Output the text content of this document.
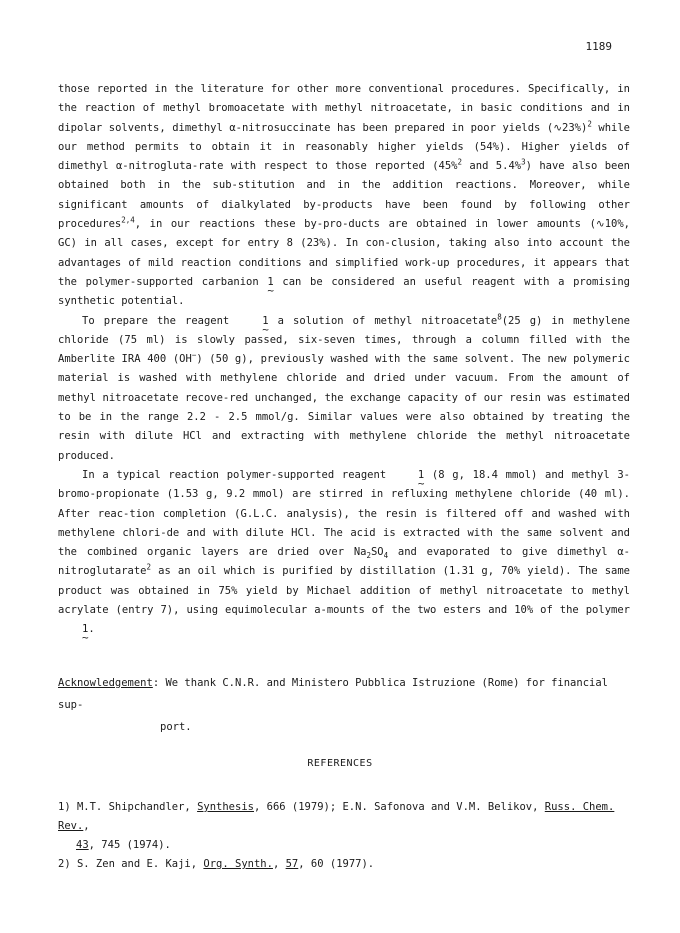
1189

those reported in the literature for other more conventional procedures. Specifically, in the reaction of methyl bromoacetate with methyl nitroacetate, in basic conditions and in dipolar solvents, dimethyl α-nitrosuccinate has been prepared in poor yields (∿23%)$^2$ while our method permits to obtain it in reasonably higher yields (54%). Higher yields of dimethyl α-nitrogluta-rate with respect to those reported (45%$^2$ and 5.4%$^3$) have also been obtained both in the sub-stitution and in the addition reactions. Moreover, while significant amounts of dialkylated by-products have been found by following other procedures$^{2,4}$, in our reactions these by-pro-ducts are obtained in lower amounts (∿10%, GC) in all cases, except for entry 8 (23%). In con-clusion, taking also into account the advantages of mild reaction conditions and simplified work-up procedures, it appears that the polymer-supported carbanion 1 ~ can be considered an useful reagent with a promising synthetic potential.

To prepare the reagent 1 ~ a solution of methyl nitroacetate$^8$(25 g) in methylene chloride (75 ml) is slowly passed, six-seven times, through a column filled with the Amberlite IRA 400 (OH−) (50 g), previously washed with the same solvent. The new polymeric material is washed with methylene chloride and dried under vacuum. From the amount of methyl nitroacetate recove-red unchanged, the exchange capacity of our resin was estimated to be in the range 2.2 - 2.5 mmol/g. Similar values were also obtained by treating the resin with dilute HCl and extracting with methylene chloride the methyl nitroacetate produced.

In a typical reaction polymer-supported reagent 1 ~ (8 g, 18.4 mmol) and methyl 3-bromo-propionate (1.53 g, 9.2 mmol) are stirred in refluxing methylene chloride (40 ml). After reac-tion completion (G.L.C. analysis), the resin is filtered off and washed with methylene chlori-de and with dilute HCl. The acid is extracted with the same solvent and the combined organic layers are dried over $Na_2SO_4$ and evaporated to give dimethyl α-nitroglutarate$^2$ as an oil which is purified by distillation (1.31 g, 70% yield). The same product was obtained in 75% yield by Michael addition of methyl nitroacetate to methyl acrylate (entry 7), using equimolecular a-mounts of the two esters and 10% of the polymer 1 ~.

Acknowledgement: We thank C.N.R. and Ministero Pubblica Istruzione (Rome) for financial sup-
port.
REFERENCES
1) M.T. Shipchandler, Synthesis, 666 (1979); E.N. Safonova and V.M. Belikov, Russ. Chem. Rev.,
43, 745 (1974).
2) S. Zen and E. Kaji, Org. Synth., 57, 60 (1977).
